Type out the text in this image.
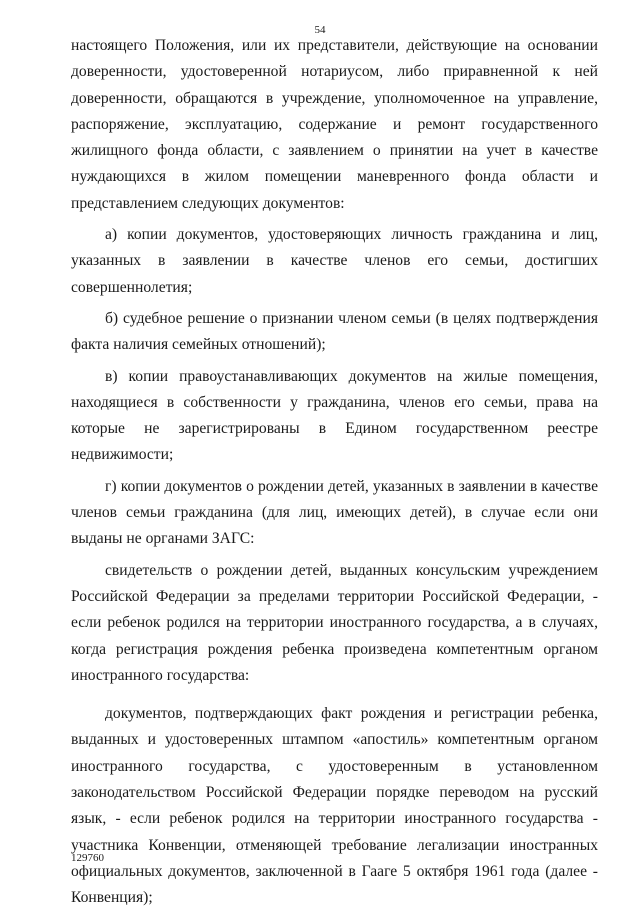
54

настоящего Положения, или их представители, действующие на основании доверенности, удостоверенной нотариусом, либо приравненной к ней доверенности, обращаются в учреждение, уполномоченное на управление, распоряжение, эксплуатацию, содержание и ремонт государственного жилищного фонда области, с заявлением о принятии на учет в качестве нуждающихся в жилом помещении маневренного фонда области и представлением следующих документов:

а) копии документов, удостоверяющих личность гражданина и лиц, указанных в заявлении в качестве членов его семьи, достигших совершеннолетия;

б) судебное решение о признании членом семьи (в целях подтверждения факта наличия семейных отношений);

в) копии правоустанавливающих документов на жилые помещения, находящиеся в собственности у гражданина, членов его семьи, права на которые не зарегистрированы в Едином государственном реестре недвижимости;

г) копии документов о рождении детей, указанных в заявлении в качестве членов семьи гражданина (для лиц, имеющих детей), в случае если они выданы не органами ЗАГС:

свидетельств о рождении детей, выданных консульским учреждением Российской Федерации за пределами территории Российской Федерации, - если ребенок родился на территории иностранного государства, а в случаях, когда регистрация рождения ребенка произведена компетентным органом иностранного государства:

документов, подтверждающих факт рождения и регистрации ребенка, выданных и удостоверенных штампом «апостиль» компетентным органом иностранного государства, с удостоверенным в установленном законодательством Российской Федерации порядке переводом на русский язык, - если ребенок родился на территории иностранного государства - участника Конвенции, отменяющей требование легализации иностранных официальных документов, заключенной в Гааге 5 октября 1961 года (далее - Конвенция);

129760
